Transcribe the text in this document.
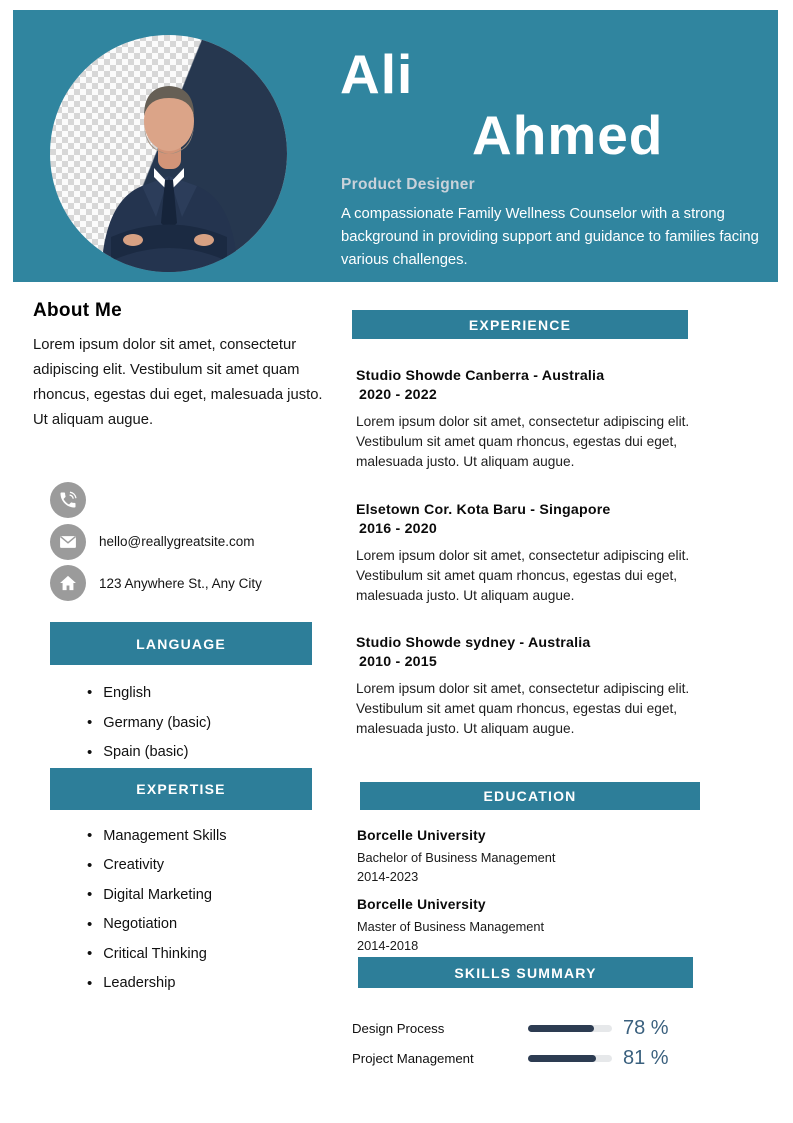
Ali
Ahmed
Product Designer
A compassionate Family Wellness Counselor with a strong background in providing support and guidance to families facing various challenges.
About Me
Lorem ipsum dolor sit amet, consectetur adipiscing elit. Vestibulum sit amet quam rhoncus, egestas dui eget, malesuada justo. Ut aliquam augue.
hello@reallygreatsite.com
123 Anywhere St., Any City
LANGUAGE
• English
• Germany (basic)
• Spain (basic)
EXPERTISE
• Management Skills
• Creativity
• Digital Marketing
• Negotiation
• Critical Thinking
• Leadership
EXPERIENCE
Studio Showde Canberra - Australia
2020 - 2022
Lorem ipsum dolor sit amet, consectetur adipiscing elit. Vestibulum sit amet quam rhoncus, egestas dui eget, malesuada justo. Ut aliquam augue.
Elsetown Cor. Kota Baru - Singapore
2016 - 2020
Lorem ipsum dolor sit amet, consectetur adipiscing elit. Vestibulum sit amet quam rhoncus, egestas dui eget, malesuada justo. Ut aliquam augue.
Studio Showde sydney - Australia
2010 - 2015
Lorem ipsum dolor sit amet, consectetur adipiscing elit. Vestibulum sit amet quam rhoncus, egestas dui eget, malesuada justo. Ut aliquam augue.
EDUCATION
Borcelle University
Bachelor of Business Management
2014-2023
Borcelle University
Master of Business Management
2014-2018
SKILLS SUMMARY
Design Process	78 %
Project Management	81 %
